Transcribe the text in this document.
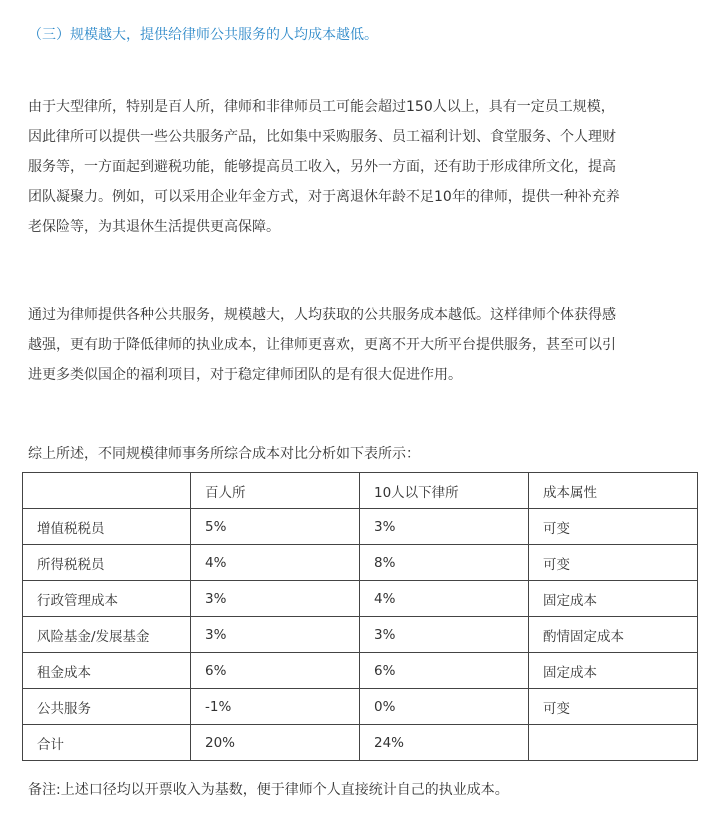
（三）规模越大，提供给律师公共服务的人均成本越低。

由于大型律所，特别是百人所，律师和非律师员工可能会超过150人以上，具有一定员工规模，

因此律所可以提供一些公共服务产品，比如集中采购服务、员工福利计划、食堂服务、个人理财

服务等，一方面起到避税功能，能够提高员工收入，另外一方面，还有助于形成律所文化，提高

团队凝聚力。例如，可以采用企业年金方式，对于离退休年龄不足10年的律师，提供一种补充养

老保险等，为其退休生活提供更高保障。

通过为律师提供各种公共服务，规模越大，人均获取的公共服务成本越低。这样律师个体获得感

越强，更有助于降低律师的执业成本，让律师更喜欢，更离不开大所平台提供服务，甚至可以引

进更多类似国企的福利项目，对于稳定律师团队的是有很大促进作用。

综上所述，不同规模律师事务所综合成本对比分析如下表所示：
	百人所	10人以下律所	成本属性
增值税税员	5%	3%	可变
所得税税员	4%	8%	可变
行政管理成本	3%	4%	固定成本
风险基金/发展基金	3%	3%	酌情固定成本
租金成本	6%	6%	固定成本
公共服务	-1%	0%	可变
合计	20%	24%	
备注:上述口径均以开票收入为基数，便于律师个人直接统计自己的执业成本。
